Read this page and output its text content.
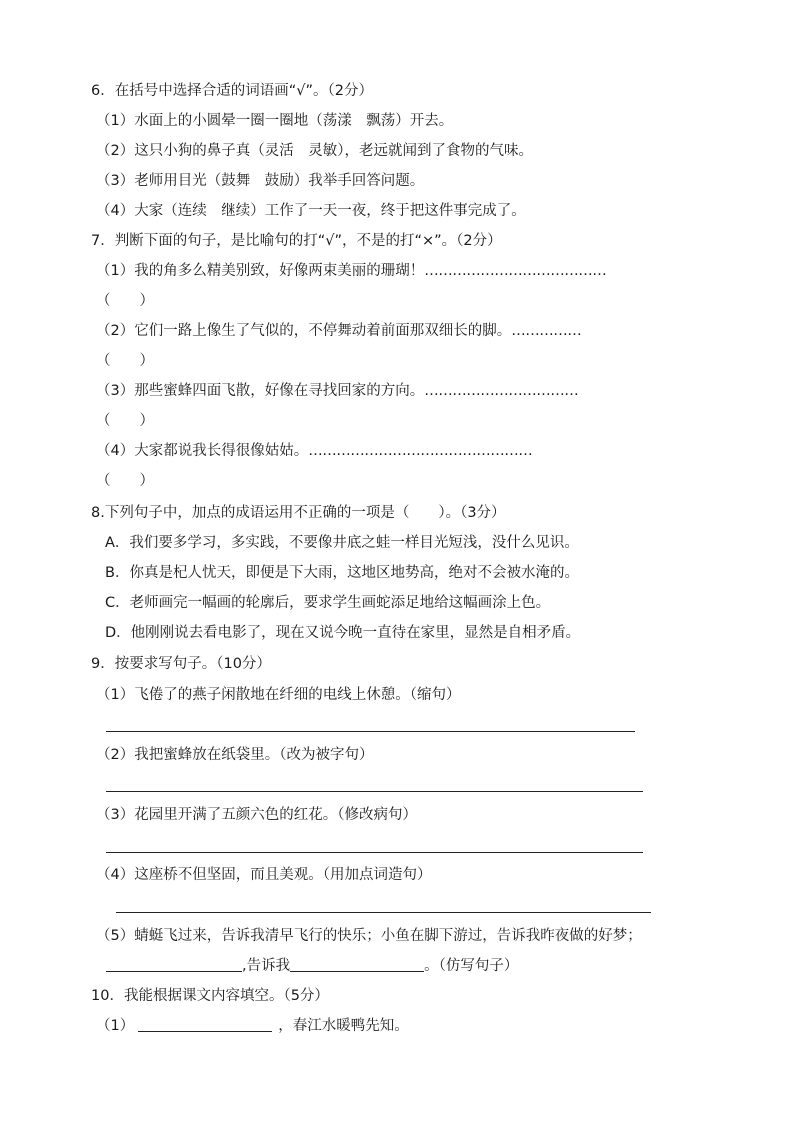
6．在括号中选择合适的词语画“√”。（2分）
（1）水面上的小圆晕一圈一圈地（荡漾　飘荡）开去。
（2）这只小狗的鼻子真（灵活　灵敏），老远就闻到了食物的气味。
（3）老师用目光（鼓舞　鼓励）我举手回答问题。
（4）大家（连续　继续）工作了一天一夜，终于把这件事完成了。
7．判断下面的句子，是比喻句的打“√”，不是的打“×”。（2分）
（1）我的角多么精美别致，好像两束美丽的珊瑚！…………………………………
（　　）
（2）它们一路上像生了气似的，不停舞动着前面那双细长的脚。……………
（　　）
（3）那些蜜蜂四面飞散，好像在寻找回家的方向。……………………………
（　　）
（4）大家都说我长得很像姑姑。…………………………………………
（　　）
8.下列句子中，加点的成语运用不正确的一项是（　　）。（3分）
A．我们要多学习，多实践，不要像井底之蛙一样目光短浅，没什么见识。
B．你真是杞人忧天，即便是下大雨，这地区地势高，绝对不会被水淹的。
C．老师画完一幅画的轮廓后，要求学生画蛇添足地给这幅画涂上色。
D．他刚刚说去看电影了，现在又说今晚一直待在家里，显然是自相矛盾。
9．按要求写句子。（10分）
（1）飞倦了的燕子闲散地在纤细的电线上休憩。（缩句）
（2）我把蜜蜂放在纸袋里。（改为被字句）
（3）花园里开满了五颜六色的红花。（修改病句）
（4）这座桥不但坚固，而且美观。（用加点词造句）
（5）蜻蜓飞过来，告诉我清早飞行的快乐；小鱼在脚下游过，告诉我昨夜做的好梦；
,告诉我	。（仿写句子）
10．我能根据课文内容填空。（5分）
（1）	，春江水暖鸭先知。
